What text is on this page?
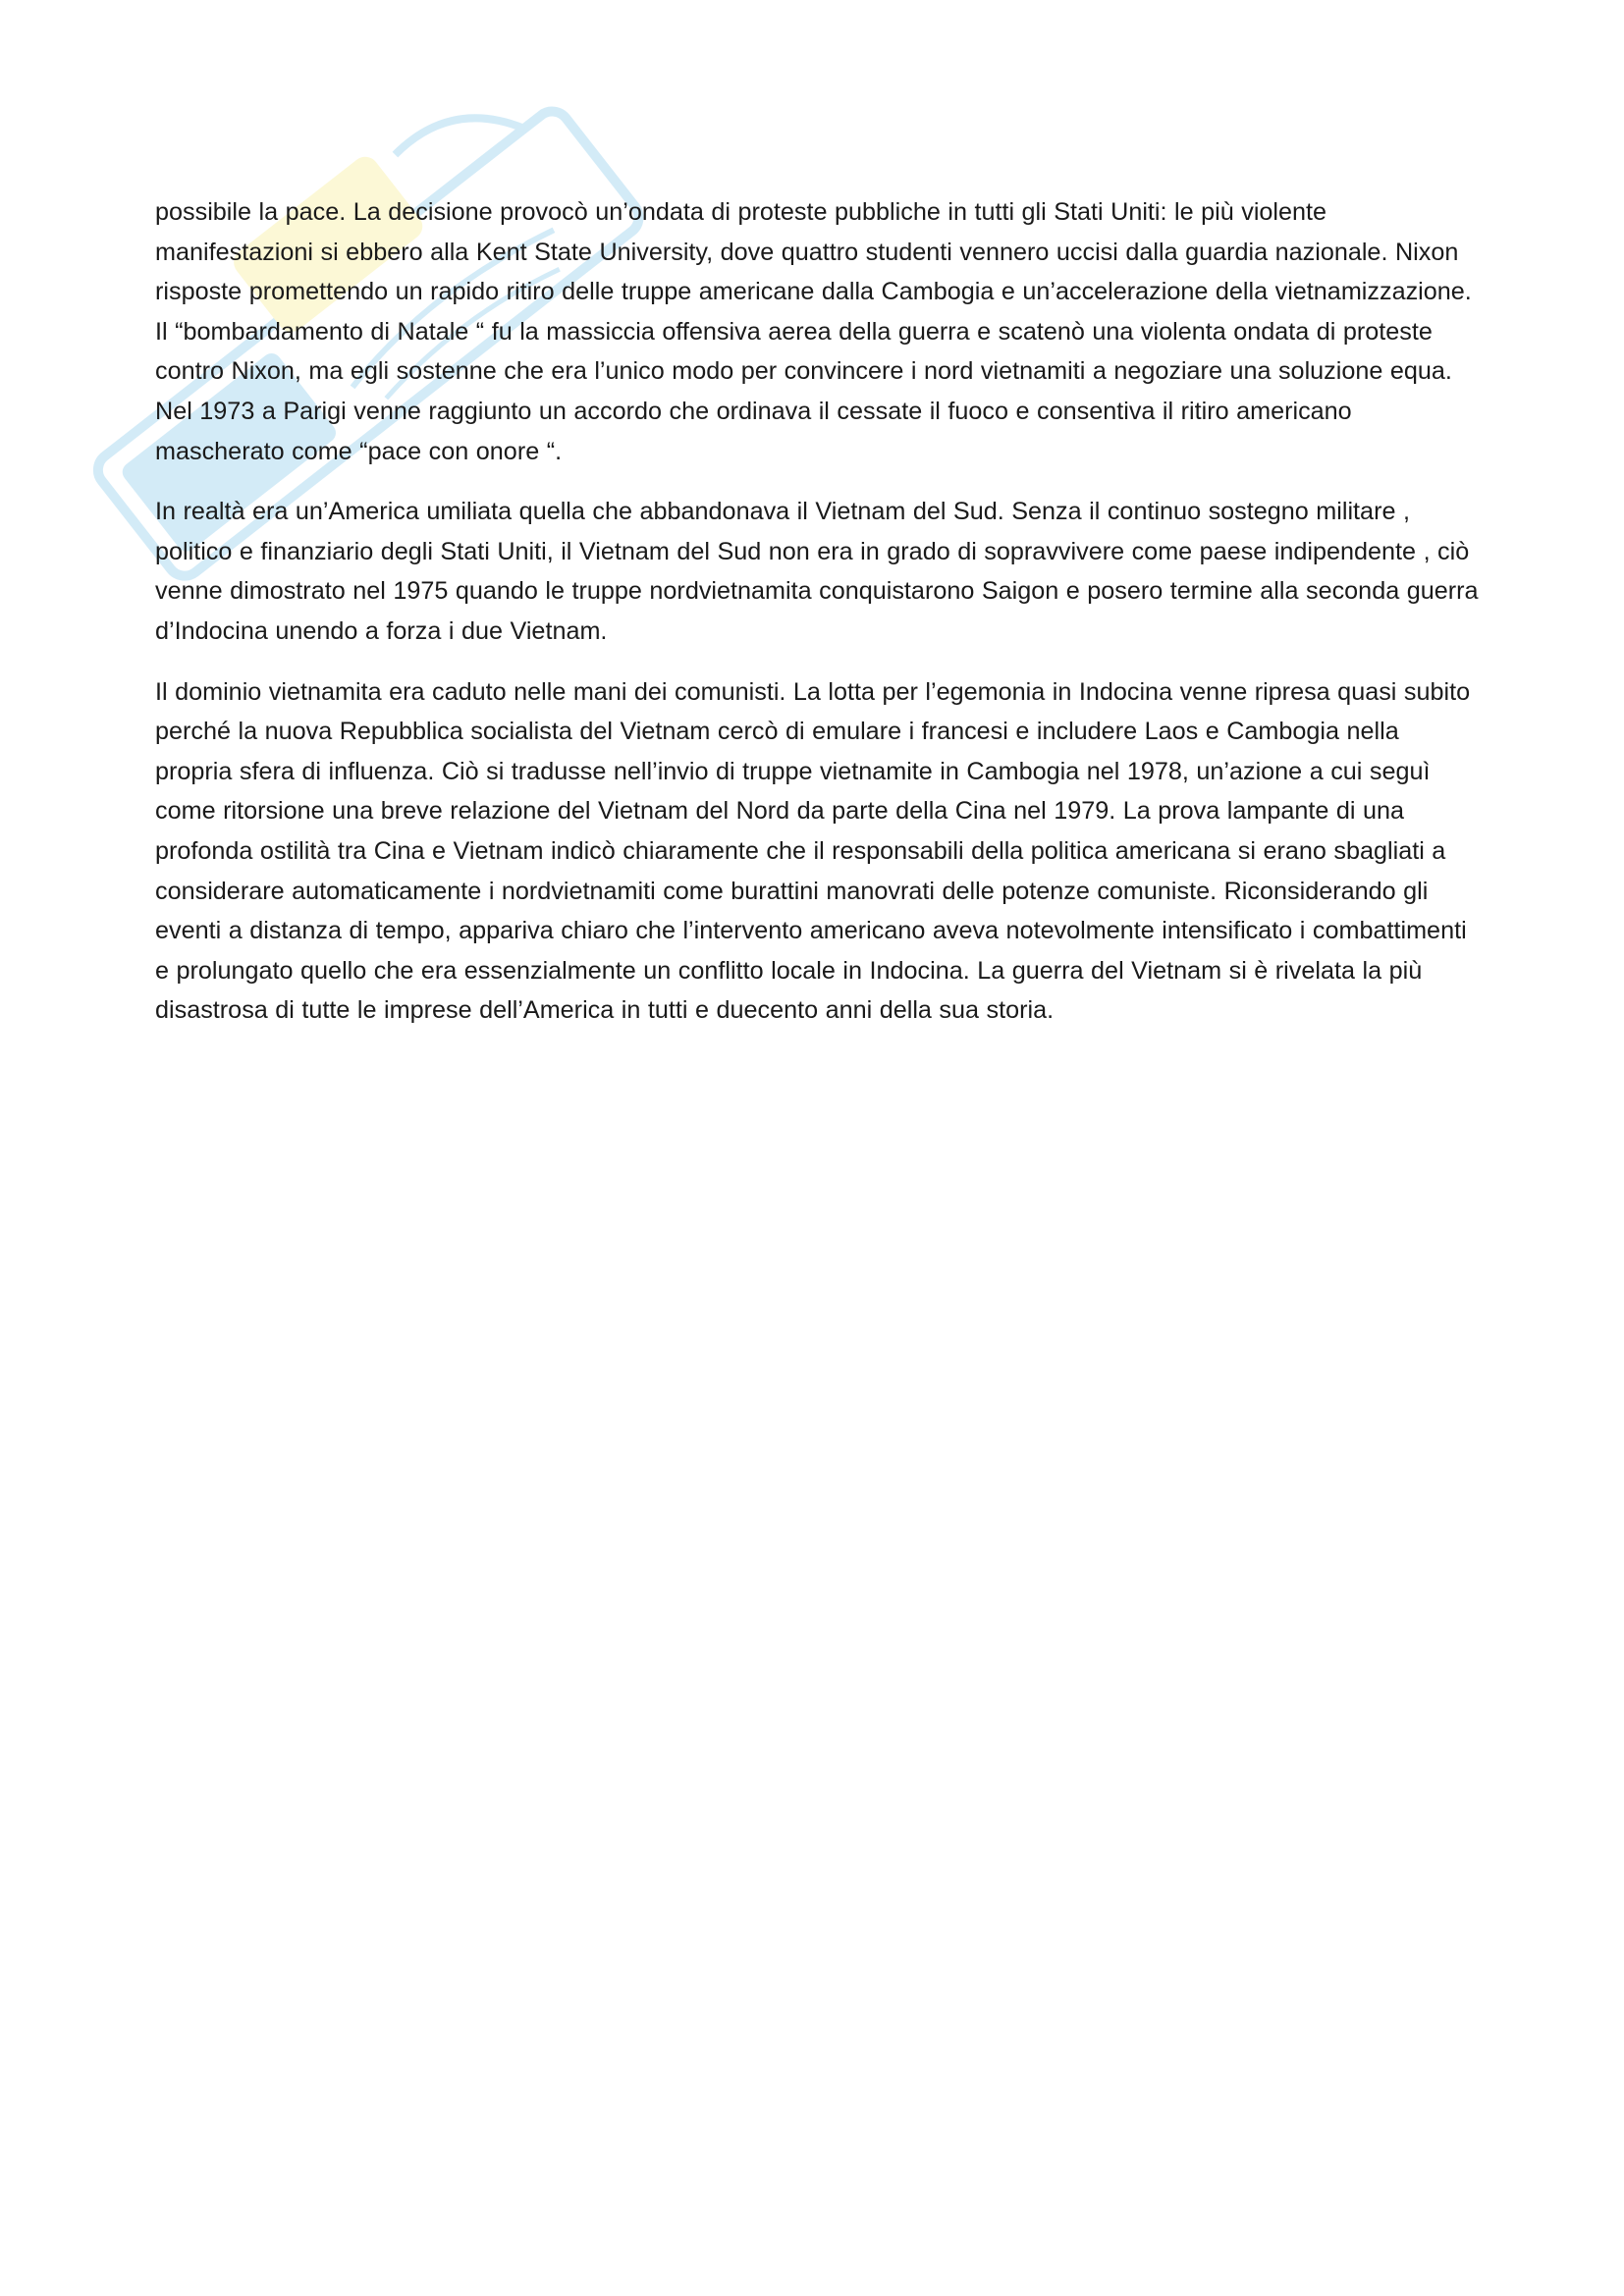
possibile la pace. La decisione provocò un’ondata di proteste pubbliche in tutti gli Stati Uniti: le più violente manifestazioni si ebbero alla Kent State University, dove quattro studenti vennero uccisi dalla guardia nazionale. Nixon risposte promettendo un rapido ritiro delle truppe americane dalla Cambogia e un’accelerazione della vietnamizzazione. Il “bombardamento di Natale “ fu la massiccia offensiva aerea della guerra e scatenò una violenta ondata di proteste contro Nixon, ma egli sostenne che era l’unico modo per convincere i nord vietnamiti a negoziare una soluzione equa. Nel 1973 a Parigi venne raggiunto un accordo che ordinava il cessate il fuoco e consentiva il ritiro americano mascherato come “pace con onore “.

In realtà era un’America umiliata quella che abbandonava il Vietnam del Sud. Senza il continuo sostegno militare , politico e finanziario degli Stati Uniti, il Vietnam del Sud non era in grado di sopravvivere come paese indipendente , ciò venne dimostrato nel 1975 quando le truppe nordvietnamita conquistarono Saigon e posero termine alla seconda guerra d’Indocina unendo a forza i due Vietnam.

Il dominio vietnamita era caduto nelle mani dei comunisti. La lotta per l’egemonia in Indocina venne ripresa quasi subito perché la nuova Repubblica socialista del Vietnam cercò di emulare i francesi e includere Laos e Cambogia nella propria sfera di influenza. Ciò si tradusse nell’invio di truppe vietnamite in Cambogia nel 1978, un’azione a cui seguì come ritorsione una breve relazione del Vietnam del Nord da parte della Cina nel 1979. La prova lampante di una profonda ostilità tra Cina e Vietnam indicò chiaramente che il responsabili della politica americana si erano sbagliati a considerare automaticamente i nordvietnamiti come burattini manovrati delle potenze comuniste. Riconsiderando gli eventi a distanza di tempo, appariva chiaro che l’intervento americano aveva notevolmente intensificato i combattimenti e prolungato quello che era essenzialmente un conflitto locale in Indocina. La guerra del Vietnam si è rivelata la più disastrosa di tutte le imprese dell’America in tutti e duecento anni della sua storia.
